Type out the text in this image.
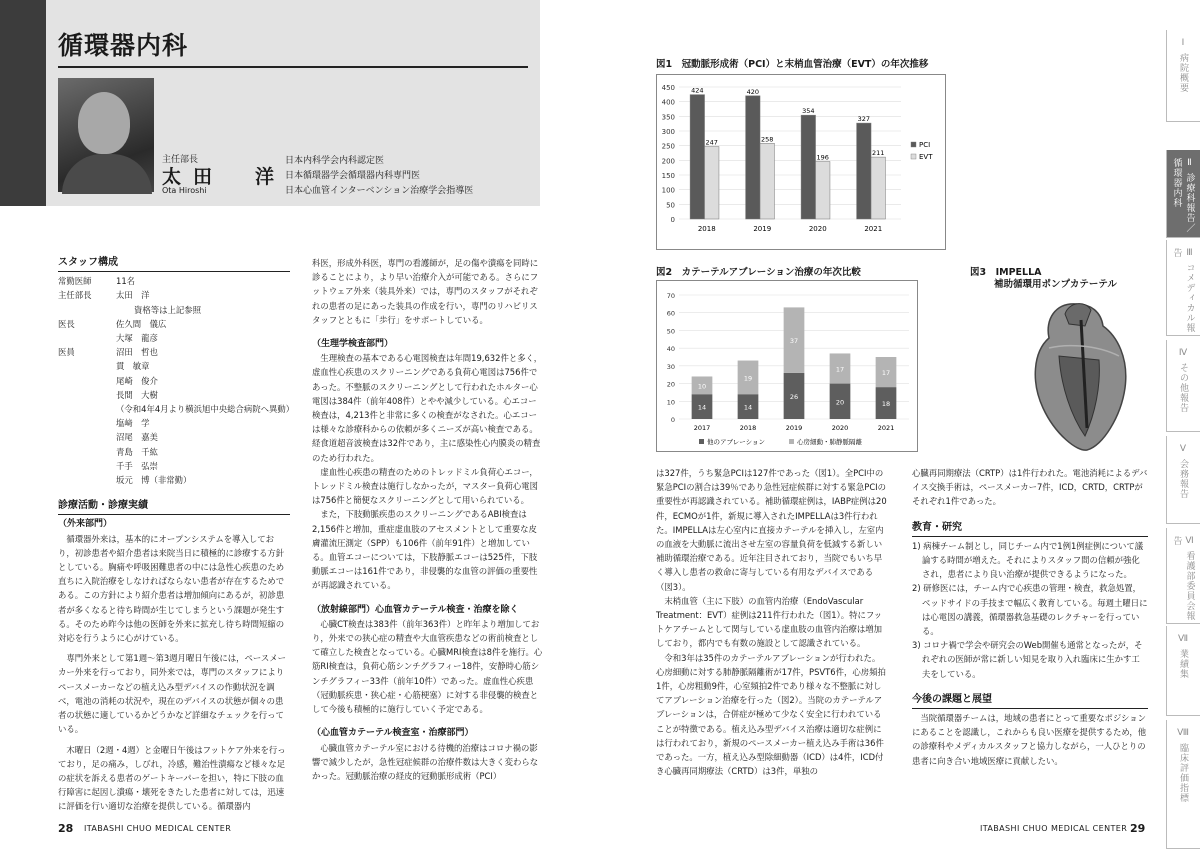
循環器内科
主任部長
太田　洋
Ota Hiroshi
日本内科学会内科認定医
日本循環器学会循環器内科専門医
日本心血管インターベンション治療学会指導医
スタッフ構成
常勤医師	11名
主任部長	太田　洋
資格等は上記参照
医長	佐久間　儀広
大塚　龍彦
医員	沼田　哲也
貫　敏章
尾崎　俊介
長間　大樹
（令和4年4月より横浜旭中央総合病院へ異動）
塩﨑　学
沼尾　嘉美
青島　千紘
千手　弘崇
坂元　博（非常勤）
診療活動・診療実績
（外来部門）

循環器外来は，基本的にオープンシステムを導入しており，初診患者や紹介患者は来院当日に積極的に診療する方針としている。胸痛や呼吸困難患者の中には急性心疾患のため直ちに入院治療をしなければならない患者が存在するためである。この方針により紹介患者は増加傾向にあるが，初診患者が多くなると待ち時間が生じてしまうという課題が発生する。そのため昨今は他の医師を外来に拡充し待ち時間短縮の対応を行うように心がけている。

専門外来として第1週〜第3週月曜日午後には，ペースメーカー外来を行っており，同外来では，専門のスタッフによりペースメーカーなどの植え込み型デバイスの作動状況を調べ，電池の消耗の状況や，現在のデバイスの状態が個々の患者の状態に適しているかどうかなど詳細なチェックを行っている。

木曜日（2週・4週）と金曜日午後はフットケア外来を行っており，足の痛み，しびれ，冷感，難治性潰瘍など様々な足の症状を訴える患者のゲートキーパーを担い，特に下肢の血行障害に起因し潰瘍・壊死をきたした患者に対しては，迅速に評価を行い適切な治療を提供している。循環器内

科医，形成外科医，専門の看護師が，足の傷や潰瘍を同時に診ることにより，より早い治療介入が可能である。さらにフットウェア外来（装具外来）では，専門のスタッフがそれぞれの患者の足にあった装具の作成を行い，専門のリハビリスタッフとともに「歩行」をサポートしている。

（生理学検査部門）

生理検査の基本である心電図検査は年間19,632件と多く，虚血性心疾患のスクリーニングである負荷心電図は756件であった。不整脈のスクリーニングとして行われたホルター心電図は384件（前年408件）とやや減少している。心エコー検査は，4,213件と非常に多くの検査がなされた。心エコーは様々な診療科からの依頼が多くニーズが高い検査である。経食道超音波検査は32件であり，主に感染性心内膜炎の精査のため行われた。

虚血性心疾患の精査のためのトレッドミル負荷心エコー，トレッドミル検査は施行しなかったが，マスター負荷心電図は756件と簡便なスクリーニングとして用いられている。

また，下肢動脈疾患のスクリーニングであるABI検査は2,156件と増加，重症虚血肢のアセスメントとして重要な皮膚灌流圧測定（SPP）も106件（前年91件）と増加している。血管エコーについては，下肢静脈エコーは525件，下肢動脈エコーは161件であり，非侵襲的な血管の評価の重要性が再認識されている。

（放射線部門）心血管カテーテル検査・治療を除く

心臓CT検査は383件（前年363件）と昨年より増加しており，外来での狭心症の精査や大血管疾患などの術前検査として確立した検査となっている。心臓MRI検査は8件を施行。心筋RI検査は，負荷心筋シンチグラフィー18件，安静時心筋シンチグラフィー33件（前年10件）であった。虚血性心疾患（冠動脈疾患・狭心症・心筋梗塞）に対する非侵襲的検査として今後も積極的に施行していく予定である。

（心血管カテーテル検査室・治療部門）

心臓血管カテーテル室における待機的治療はコロナ禍の影響で減少したが，急性冠症候群の治療件数は大きく変わらなかった。冠動脈治療の経皮的冠動脈形成術（PCI）

28 ITABASHI CHUO MEDICAL CENTER
図1　冠動脈形成術（PCI）と末梢血管治療（EVT）の年次推移
0
50
100
150
200
250
300
350
400
450
2018
424
247
2019
420
258
2020
354
196
2021
327
211
PCI
EVT
図2　カテーテルアブレーション治療の年次比較
0
10
20
30
40
50
60
70
14
10
2017
14
19
2018
26
37
2019
20
17
2020
18
17
2021
他のアブレーション	心房細動・肺静脈隔離
図3　IMPELLA
補助循環用ポンプカテーテル

は327件，うち緊急PCIは127件であった（図1）。全PCI中の緊急PCIの割合は39％であり急性冠症候群に対する緊急PCIの重要性が再認識されている。補助循環症例は，IABP症例は20件，ECMOが1件，新規に導入されたIMPELLAは3件行われた。IMPELLAは左心室内に直接カテーテルを挿入し，左室内の血液を大動脈に流出させ左室の容量負荷を低減する新しい補助循環治療である。近年注目されており，当院でもいち早く導入し患者の救命に寄与している有用なデバイスである（図3）。

末梢血管（主に下肢）の血管内治療（EndoVascular Treatment：EVT）症例は211件行われた（図1）。特にフットケアチームとして関与している虚血肢の血管内治療は増加しており，都内でも有数の施設として認識されている。

令和3年は35件のカテーテルアブレーションが行われた。心房細動に対する肺静脈隔離術が17件，PSVT6件，心房頻拍1件，心房粗動9件，心室頻拍2件であり様々な不整脈に対してアブレーション治療を行った（図2）。当院のカテーテルアブレーションは，合併症が極めて少なく安全に行われていることが特徴である。植え込み型デバイス治療は適切な症例には行われており，新規のペースメーカー植え込み手術は36件であった。一方，植え込み型除細動器（ICD）は4件，ICD付き心臓再同期療法（CRTD）は3件，単独の

心臓再同期療法（CRTP）は1件行われた。電池消耗によるデバイス交換手術は，ペースメーカー7件，ICD，CRTD，CRTPがそれぞれ1件であった。

教育・研究
1) 病棟チーム制とし，同じチーム内で1例1例症例について議論する時間が増えた。それによりスタッフ間の信頼が強化され，患者により良い治療が提供できるようになった。
2) 研修医には，チーム内で心疾患の管理・検査，救急処置，ベッドサイドの手技まで幅広く教育している。毎週土曜日には心電図の講義，循環器救急基礎のレクチャーを行っている。
3) コロナ禍で学会や研究会のWeb開催も通常となったが，それぞれの医師が常に新しい知見を取り入れ臨床に生かす工夫をしている。
今後の課題と展望

当院循環器チームは，地域の患者にとって重要なポジションにあることを認識し，これからも良い医療を提供するため，他の診療科やメディカルスタッフと協力しながら，一人ひとりの患者に向き合い地域医療に貢献したい。

ITABASHI CHUO MEDICAL CENTER 29
Ⅰ 病院概要
Ⅱ 診療科報告／循環器内科
Ⅲ コメディカル報告
Ⅳ その他報告
Ⅴ 会務報告
Ⅵ 看護部委員会報告
Ⅶ 業績集
Ⅷ 臨床評価指標
